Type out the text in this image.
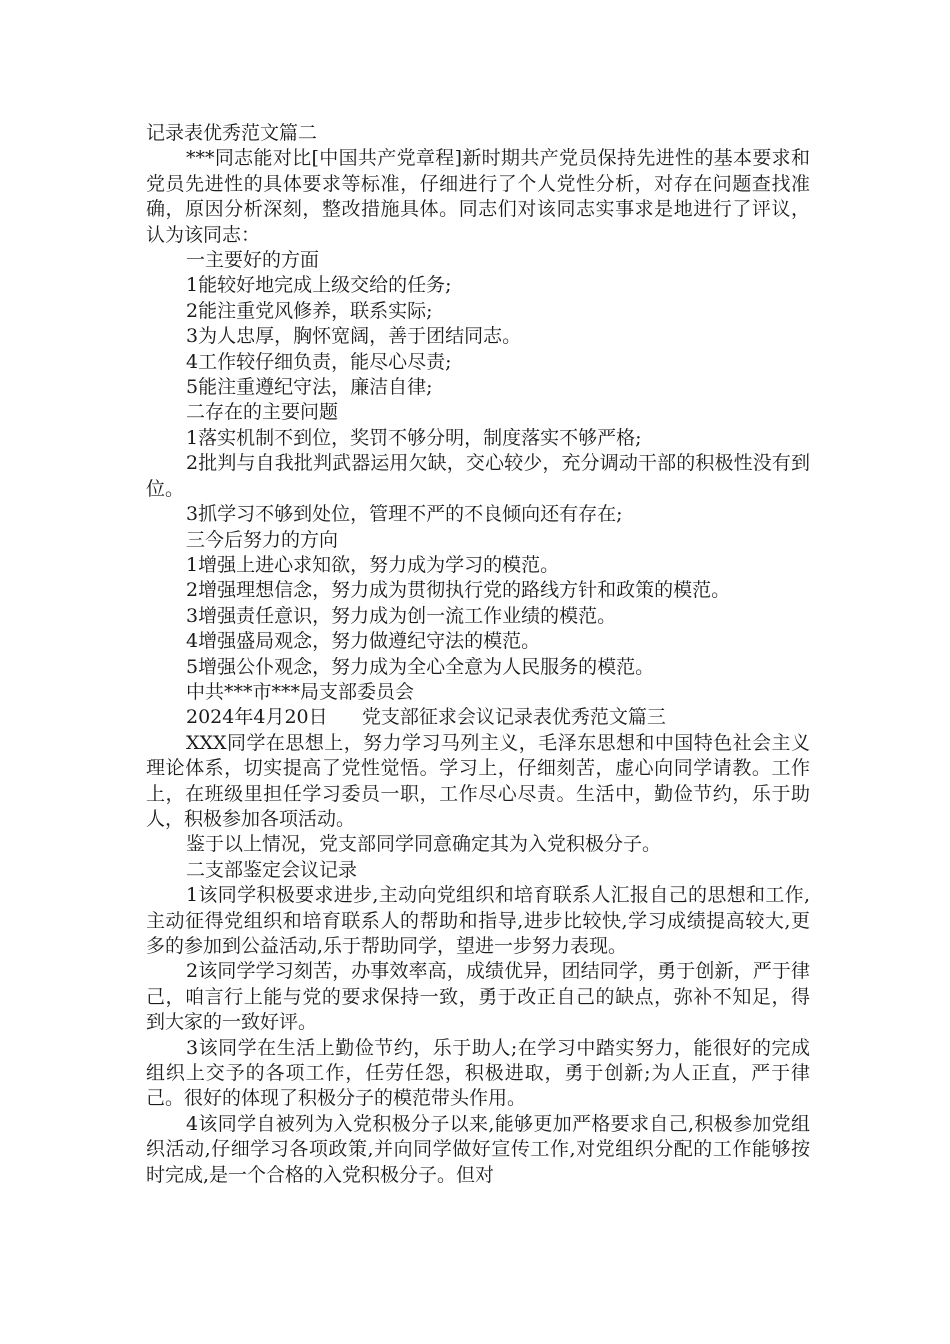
记录表优秀范文篇二

***同志能对比[中国共产党章程]新时期共产党员保持先进性的基本要求和党员先进性的具体要求等标准，仔细进行了个人党性分析，对存在问题查找准确，原因分析深刻，整改措施具体。同志们对该同志实事求是地进行了评议，认为该同志：

一主要好的方面

1能较好地完成上级交给的任务;

2能注重党风修养，联系实际;

3为人忠厚，胸怀宽阔，善于团结同志。

4工作较仔细负责，能尽心尽责;

5能注重遵纪守法，廉洁自律;

二存在的主要问题

1落实机制不到位，奖罚不够分明，制度落实不够严格;

2批判与自我批判武器运用欠缺，交心较少，充分调动干部的积极性没有到位。

3抓学习不够到处位，管理不严的不良倾向还有存在;

三今后努力的方向

1增强上进心求知欲，努力成为学习的模范。

2增强理想信念，努力成为贯彻执行党的路线方针和政策的模范。

3增强责任意识，努力成为创一流工作业绩的模范。

4增强盛局观念，努力做遵纪守法的模范。

5增强公仆观念，努力成为全心全意为人民服务的模范。

中共***市***局支部委员会

2024年4月20日 党支部征求会议记录表优秀范文篇三

XXX同学在思想上，努力学习马列主义，毛泽东思想和中国特色社会主义理论体系，切实提高了党性觉悟。学习上，仔细刻苦，虚心向同学请教。工作上，在班级里担任学习委员一职，工作尽心尽责。生活中，勤俭节约，乐于助人，积极参加各项活动。

鉴于以上情况，党支部同学同意确定其为入党积极分子。

二支部鉴定会议记录

1该同学积极要求进步,主动向党组织和培育联系人汇报自己的思想和工作,主动征得党组织和培育联系人的帮助和指导,进步比较快,学习成绩提高较大,更多的参加到公益活动,乐于帮助同学，望进一步努力表现。

2该同学学习刻苦，办事效率高，成绩优异，团结同学，勇于创新，严于律己，咱言行上能与党的要求保持一致，勇于改正自己的缺点，弥补不知足，得到大家的一致好评。

3该同学在生活上勤俭节约，乐于助人;在学习中踏实努力，能很好的完成组织上交予的各项工作，任劳任怨，积极进取，勇于创新;为人正直，严于律己。很好的体现了积极分子的模范带头作用。

4该同学自被列为入党积极分子以来,能够更加严格要求自己,积极参加党组织活动,仔细学习各项政策,并向同学做好宣传工作,对党组织分配的工作能够按时完成,是一个合格的入党积极分子。但对
